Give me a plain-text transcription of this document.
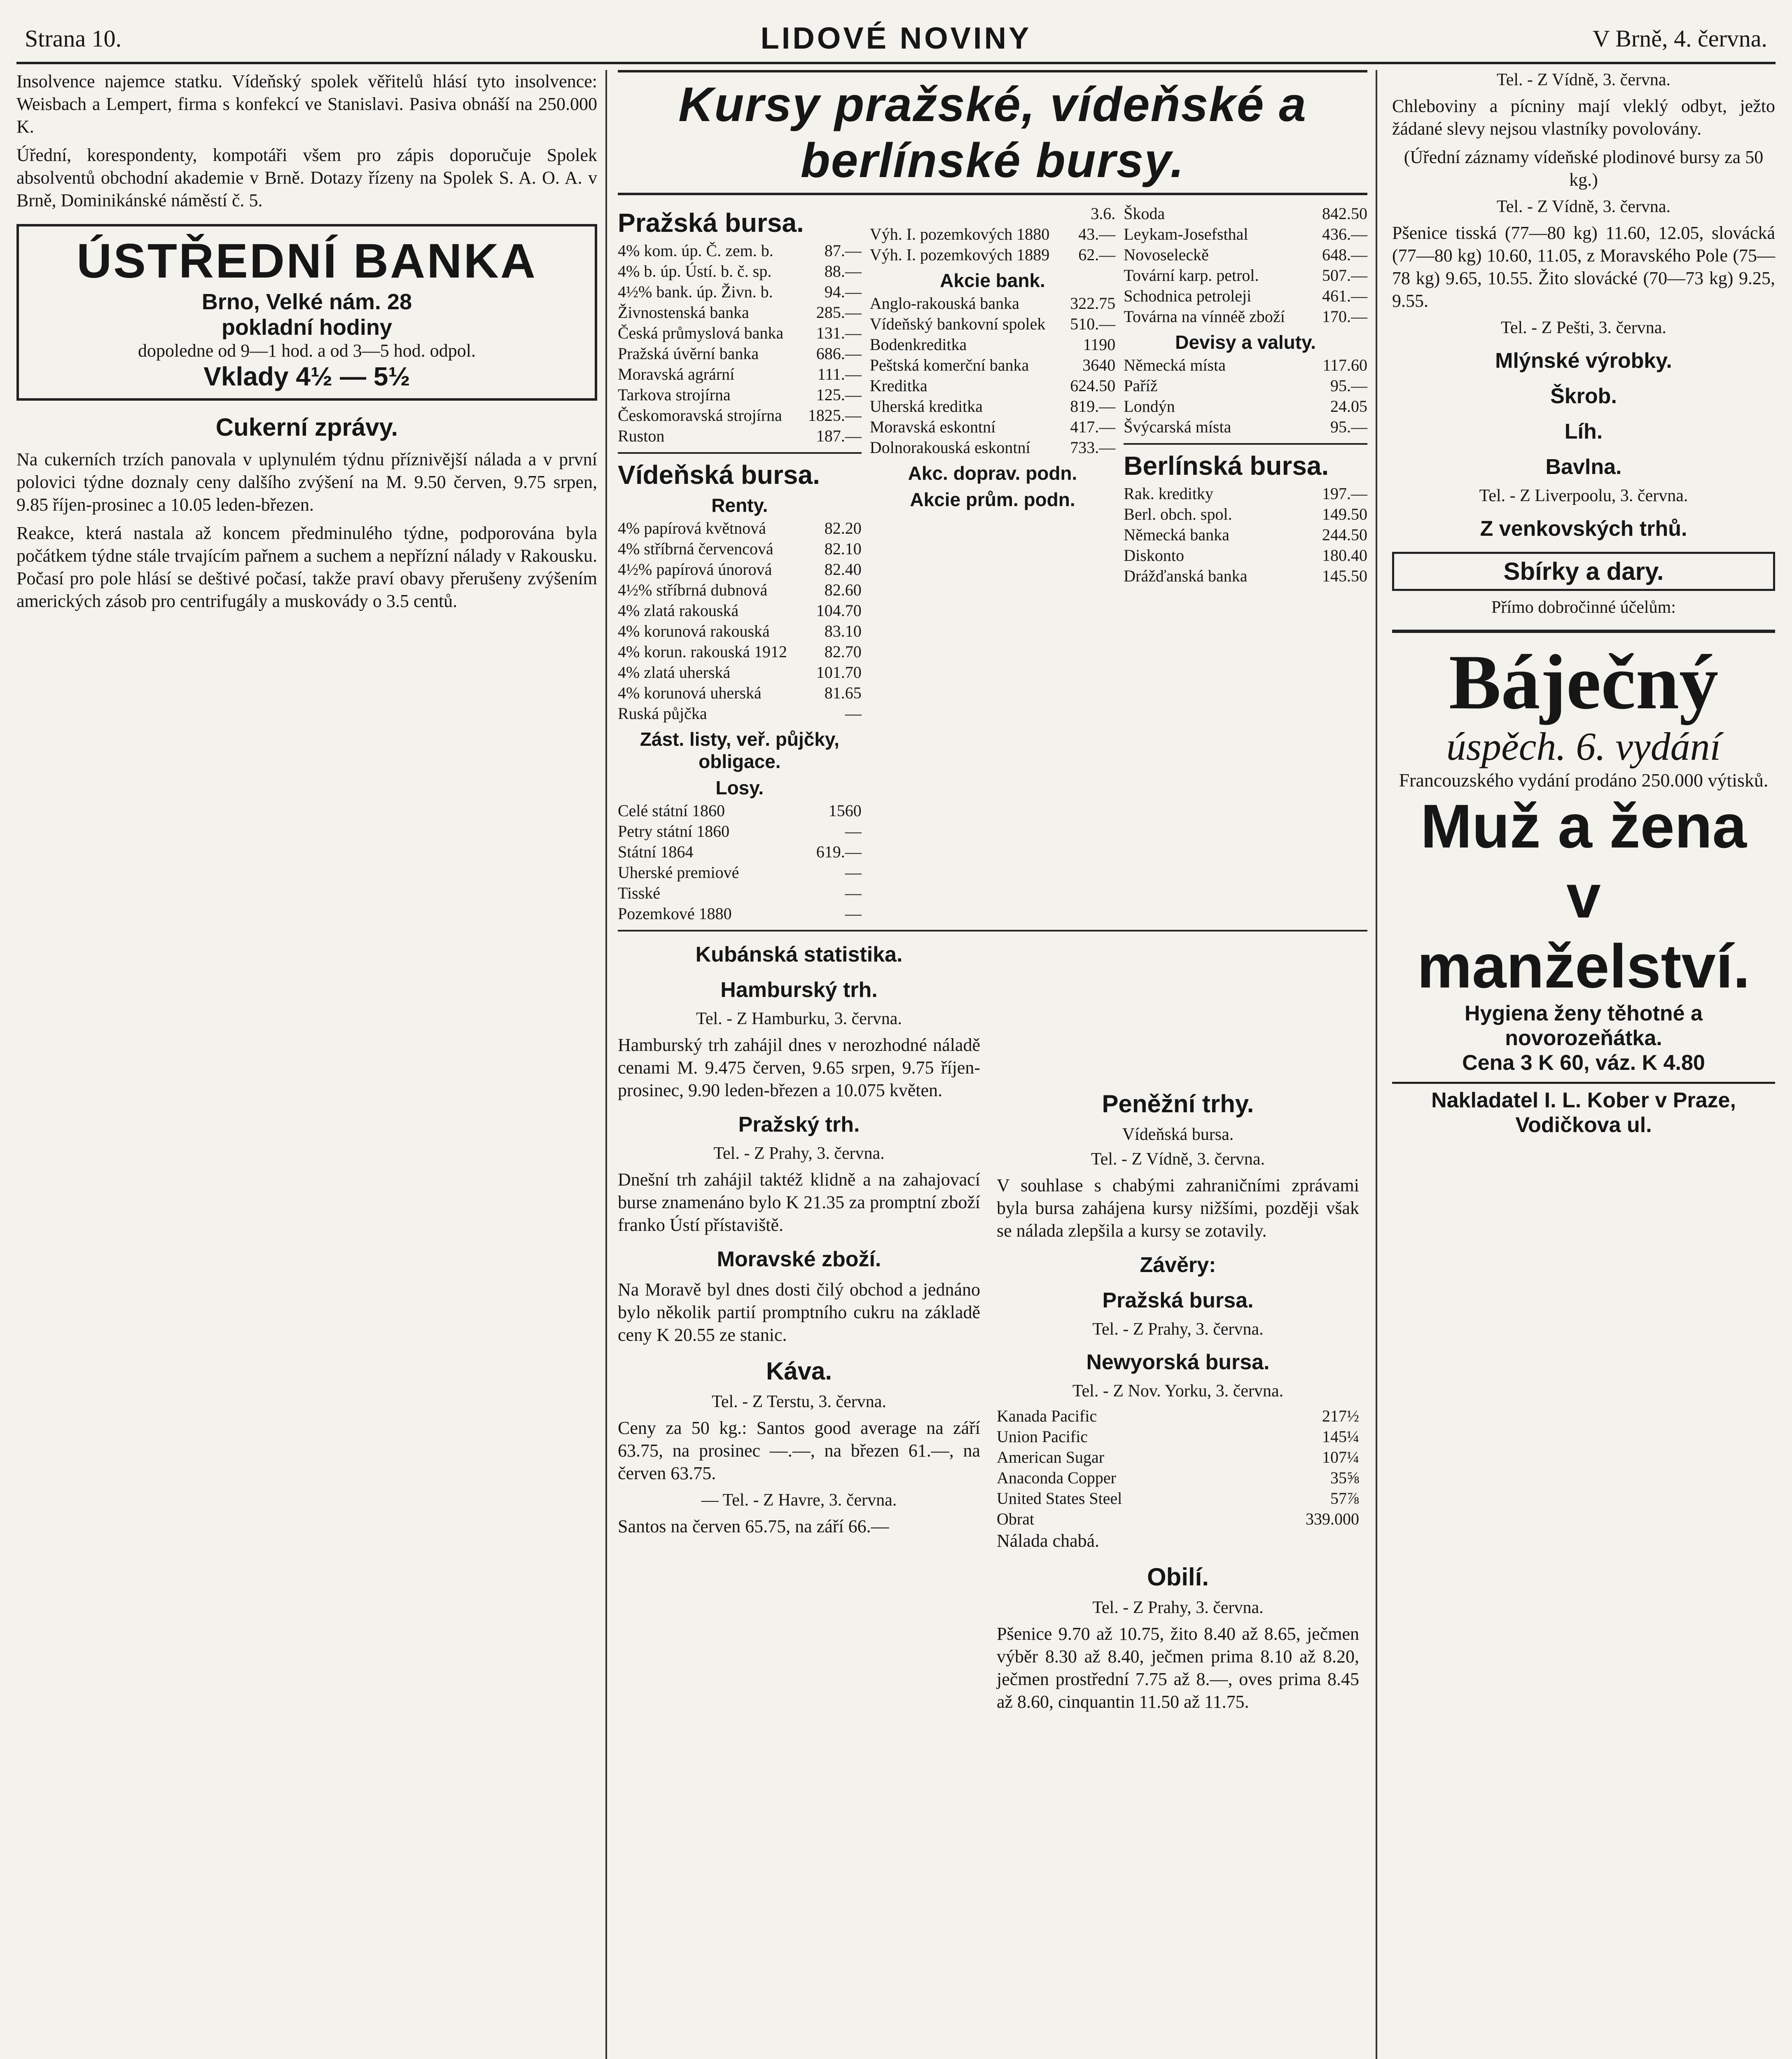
Strana 10.	LIDOVÉ NOVINY	V Brně, 4. června.

Insolvence najemce statku. Vídeňský spolek věřitelů hlásí tyto insolvence: Weisbach a Lempert, firma s konfekcí ve Stanislavi. Pasiva obnáší na 250.000 K.

Úřední, korespondenty, kompotáři všem pro zápis doporučuje Spolek absolventů obchodní akademie v Brně. Dotazy řízeny na Spolek S. A. O. A. v Brně, Dominikánské náměstí č. 5.

ÚSTŘEDNÍ BANKA
Brno, Velké nám. 28
pokladní hodiny
dopoledne od 9—1 hod. a od 3—5 hod. odpol.
Vklady 4½ — 5½
Cukerní zprávy.

Na cukerních trzích panovala v uplynulém týdnu příznivější nálada a v první polovici týdne doznaly ceny dalšího zvýšení na M. 9.50 červen, 9.75 srpen, 9.85 říjen-prosinec a 10.05 leden-březen.

Reakce, která nastala až koncem předminulého týdne, podporována byla počátkem týdne stále trvajícím pařnem a suchem a nepřízní nálady v Rakousku. Počasí pro pole hlásí se deštivé počasí, takže praví obavy přerušeny zvýšením amerických zásob pro centrifugály a muskovády o 3.5 centů.

Kursy pražské, vídeňské a berlínské bursy.
Pražská bursa.
4% kom. úp. Č. zem. b.	87.—
4% b. úp. Ústí. b. č. sp.	88.—
4½% bank. úp. Živn. b.	94.—
Živnostenská banka	285.—
Česká průmyslová banka	131.—
Pražská úvěrní banka	686.—
Moravská agrární	111.—
Tarkova strojírna	125.—
Českomoravská strojírna	1825.—
Ruston	187.—
Vídeňská bursa.
Renty.
4% papírová květnová	82.20
4% stříbrná červencová	82.10
4½% papírová únorová	82.40
4½% stříbrná dubnová	82.60
4% zlatá rakouská	104.70
4% korunová rakouská	83.10
4% korun. rakouská 1912	82.70
4% zlatá uherská	101.70
4% korunová uherská	81.65
Ruská půjčka	—
Zást. listy, veř. půjčky, obligace.
Losy.
Celé státní 1860	1560
Petry státní 1860	—
Státní 1864	619.—
Uherské premiové	—
Tisské	—
Pozemkové 1880	—
3.6.
Výh. I. pozemkových 1880	43.—
Výh. I. pozemkových 1889	62.—
Akcie bank.
Anglo-rakouská banka	322.75
Vídeňský bankovní spolek	510.—
Bodenkreditka	1190
Peštská komerční banka	3640
Kreditka	624.50
Uherská kreditka	819.—
Moravská eskontní	417.—
Dolnorakouská eskontní	733.—
Akc. doprav. podn.
Akcie prům. podn.
Škoda	842.50
Leykam-Josefsthal	436.—
Novoseleckě	648.—
Tovární karp. petrol.	507.—
Schodnica petroleji	461.—
Továrna na vínnéě zboží	170.—
Devisy a valuty.
Německá místa	117.60
Paříž	95.—
Londýn	24.05
Švýcarská místa	95.—
Berlínská bursa.
Rak. kreditky	197.—
Berl. obch. spol.	149.50
Německá banka	244.50
Diskonto	180.40
Drážďanská banka	145.50
Kubánská statistika.
Hamburský trh.
Tel. - Z Hamburku, 3. června.

Hamburský trh zahájil dnes v nerozhodné náladě cenami M. 9.475 červen, 9.65 srpen, 9.75 říjen-prosinec, 9.90 leden-březen a 10.075 květen.

Pražský trh.
Tel. - Z Prahy, 3. června.

Dnešní trh zahájil taktéž klidně a na zahajovací burse znamenáno bylo K 21.35 za promptní zboží franko Ústí přístaviště.

Moravské zboží.

Na Moravě byl dnes dosti čilý obchod a jednáno bylo několik partií promptního cukru na základě ceny K 20.55 ze stanic.

Káva.
Tel. - Z Terstu, 3. června.

Ceny za 50 kg.: Santos good average na září 63.75, na prosinec —.—, na březen 61.—, na červen 63.75.

— Tel. - Z Havre, 3. června.

Santos na červen 65.75, na září 66.—

Peněžní trhy.
Vídeňská bursa.
Tel. - Z Vídně, 3. června.

V souhlase s chabými zahraničními zprávami byla bursa zahájena kursy nižšími, později však se nálada zlepšila a kursy se zotavily.

Závěry:
Pražská bursa.
Tel. - Z Prahy, 3. června.
Newyorská bursa.
Tel. - Z Nov. Yorku, 3. června.
Kanada Pacific	217½
Union Pacific	145¼
American Sugar	107¼
Anaconda Copper	35⅝
United States Steel	57⅞
Obrat	339.000

Nálada chabá.

Obilí.
Tel. - Z Prahy, 3. června.

Pšenice 9.70 až 10.75, žito 8.40 až 8.65, ječmen výběr 8.30 až 8.40, ječmen prima 8.10 až 8.20, ječmen prostřední 7.75 až 8.—, oves prima 8.45 až 8.60, cinquantin 11.50 až 11.75.

Tel. - Z Vídně, 3. června.

Chleboviny a pícniny mají vleklý odbyt, ježto žádané slevy nejsou vlastníky povolovány.

(Úřední záznamy vídeňské plodinové bursy za 50 kg.)

Tel. - Z Vídně, 3. června.

Pšenice tisská (77—80 kg) 11.60, 12.05, slovácká (77—80 kg) 10.60, 11.05, z Moravského Pole (75—78 kg) 9.65, 10.55. Žito slovácké (70—73 kg) 9.25, 9.55.

Tel. - Z Pešti, 3. června.
Mlýnské výrobky.
Škrob.
Líh.
Bavlna.
Tel. - Z Liverpoolu, 3. června.
Z venkovských trhů.
Sbírky a dary.
Přímo dobročinné účelům:
Báječný
úspěch. 6. vydání
Francouzského vydání prodáno 250.000 výtisků.
Muž a žena
v manželství.
Hygiena ženy těhotné a novorozeňátka.
Cena 3 K 60, váz. K 4.80
Nakladatel I. L. Kober v Praze, Vodičkova ul.
